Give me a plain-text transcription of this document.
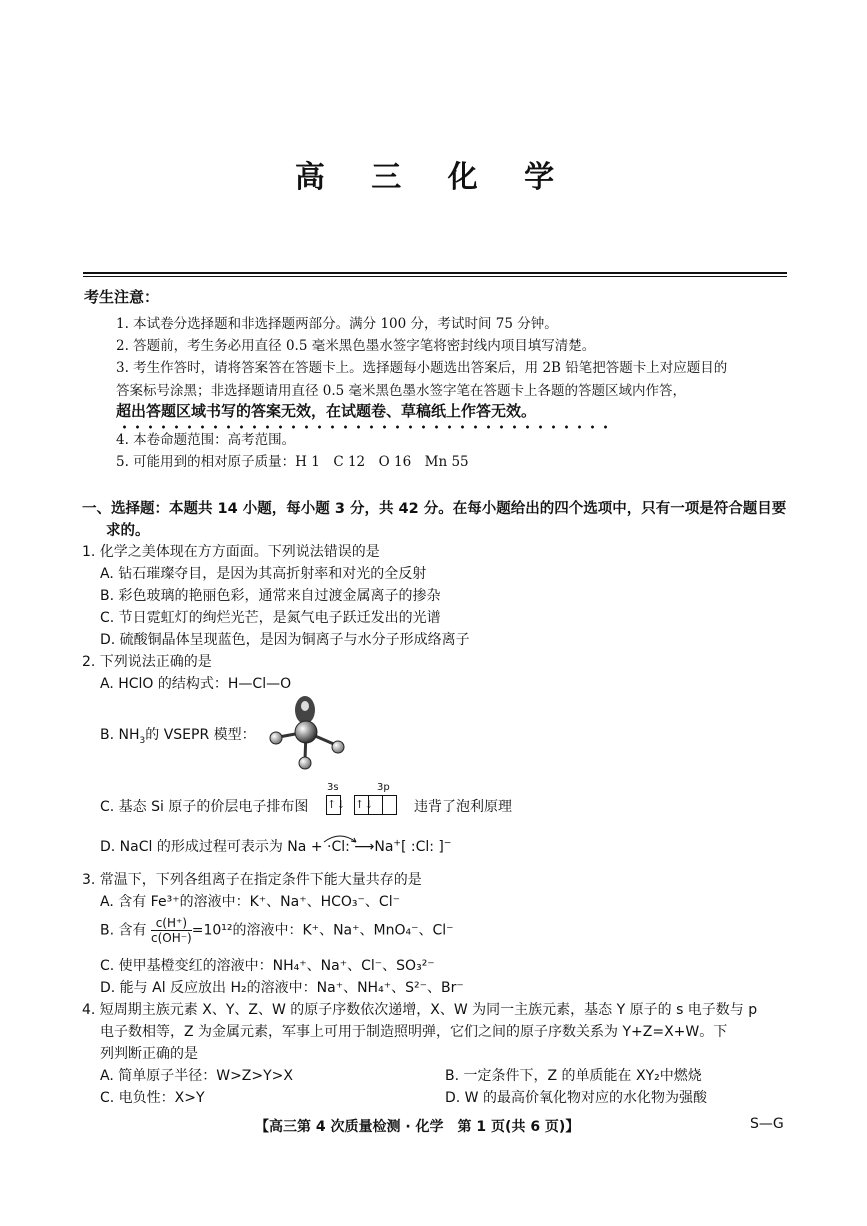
高 三 化 学
考生注意：
1. 本试卷分选择题和非选择题两部分。满分 100 分，考试时间 75 分钟。
2. 答题前，考生务必用直径 0.5 毫米黑色墨水签字笔将密封线内项目填写清楚。
3. 考生作答时，请将答案答在答题卡上。选择题每小题选出答案后，用 2B 铅笔把答题卡上对应题目的
答案标号涂黑；非选择题请用直径 0.5 毫米黑色墨水签字笔在答题卡上各题的答题区域内作答，
超出答题区域书写的答案无效，在试题卷、草稿纸上作答无效。
4. 本卷命题范围：高考范围。
5. 可能用到的相对原子质量：H 1　C 12　O 16　Mn 55
一、选择题：本题共 14 小题，每小题 3 分，共 42 分。在每小题给出的四个选项中，只有一项是符合题目要
求的。
1. 化学之美体现在方方面面。下列说法错误的是
A. 钻石璀璨夺目，是因为其高折射率和对光的全反射
B. 彩色玻璃的艳丽色彩，通常来自过渡金属离子的掺杂
C. 节日霓虹灯的绚烂光芒，是氮气电子跃迁发出的光谱
D. 硫酸铜晶体呈现蓝色，是因为铜离子与水分子形成络离子
2. 下列说法正确的是
A. HClO 的结构式：H—Cl—O
B. $NH_3$的 VSEPR 模型：
C. 基态 Si 原子的价层电子排布图
3s	3p
↑↓ ↑↓	违背了泡利原理
D. NaCl 的形成过程可表示为 Na + ·Cl: ⟶Na+[ :Cl: ]−
3. 常温下，下列各组离子在指定条件下能大量共存的是
A. 含有 Fe³⁺的溶液中：K⁺、Na⁺、HCO₃⁻、Cl⁻
B. 含有 $\frac{c(H^+)}{c(OH^-)} =10^{12}$的溶液中：K⁺、Na⁺、MnO₄⁻、Cl⁻
C. 使甲基橙变红的溶液中：NH₄⁺、Na⁺、Cl⁻、SO₃²⁻
D. 能与 Al 反应放出 H₂的溶液中：Na⁺、NH₄⁺、S²⁻、Br⁻
4. 短周期主族元素 X、Y、Z、W 的原子序数依次递增，X、W 为同一主族元素，基态 Y 原子的 s 电子数与 p
电子数相等，Z 为金属元素，军事上可用于制造照明弹，它们之间的原子序数关系为 Y+Z=X+W。下
列判断正确的是
A. 简单原子半径：W>Z>Y>X	B. 一定条件下，Z 的单质能在 XY₂中燃烧
C. 电负性：X>Y	D. W 的最高价氧化物对应的水化物为强酸
【高三第 4 次质量检测 · 化学　第 1 页(共 6 页)】	S—G
